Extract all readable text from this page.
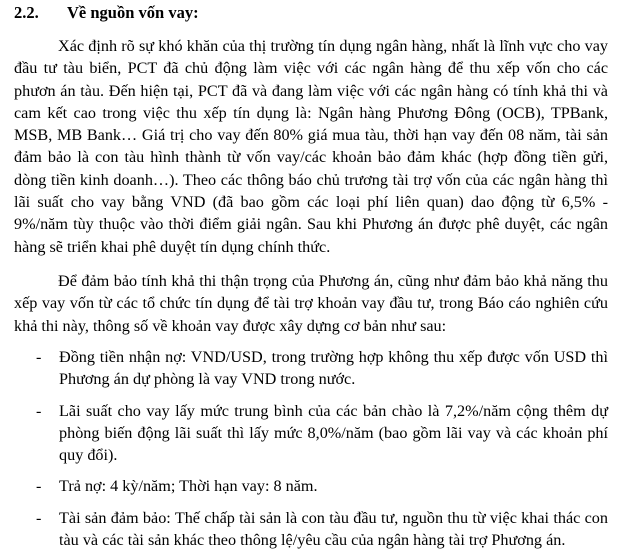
2.2. Về nguồn vốn vay:

Xác định rõ sự khó khăn của thị trường tín dụng ngân hàng, nhất là lĩnh vực cho vay đầu tư tàu biển, PCT đã chủ động làm việc với các ngân hàng để thu xếp vốn cho các phươn án tàu. Đến hiện tại, PCT đã và đang làm việc với các ngân hàng có tính khả thi và cam kết cao trong việc thu xếp tín dụng là: Ngân hàng Phương Đông (OCB), TPBank, MSB, MB Bank… Giá trị cho vay đến 80% giá mua tàu, thời hạn vay đến 08 năm, tài sản đảm bảo là con tàu hình thành từ vốn vay/các khoản bảo đảm khác (hợp đồng tiền gửi, dòng tiền kinh doanh…). Theo các thông báo chủ trương tài trợ vốn của các ngân hàng thì lãi suất cho vay bằng VND (đã bao gồm các loại phí liên quan) dao động từ 6,5% - 9%/năm tùy thuộc vào thời điểm giải ngân. Sau khi Phương án được phê duyệt, các ngân hàng sẽ triển khai phê duyệt tín dụng chính thức.

Để đảm bảo tính khả thi thận trọng của Phương án, cũng như đảm bảo khả năng thu xếp vay vốn từ các tổ chức tín dụng để tài trợ khoản vay đầu tư, trong Báo cáo nghiên cứu khả thi này, thông số về khoản vay được xây dựng cơ bản như sau:

- Đồng tiền nhận nợ: VND/USD, trong trường hợp không thu xếp được vốn USD thì Phương án dự phòng là vay VND trong nước.
- Lãi suất cho vay lấy mức trung bình của các bản chào là 7,2%/năm cộng thêm dự phòng biến động lãi suất thì lấy mức 8,0%/năm (bao gồm lãi vay và các khoản phí quy đổi).
- Trả nợ: 4 kỳ/năm; Thời hạn vay: 8 năm.
- Tài sản đảm bảo: Thế chấp tài sản là con tàu đầu tư, nguồn thu từ việc khai thác con tàu và các tài sản khác theo thông lệ/yêu cầu của ngân hàng tài trợ Phương án.
